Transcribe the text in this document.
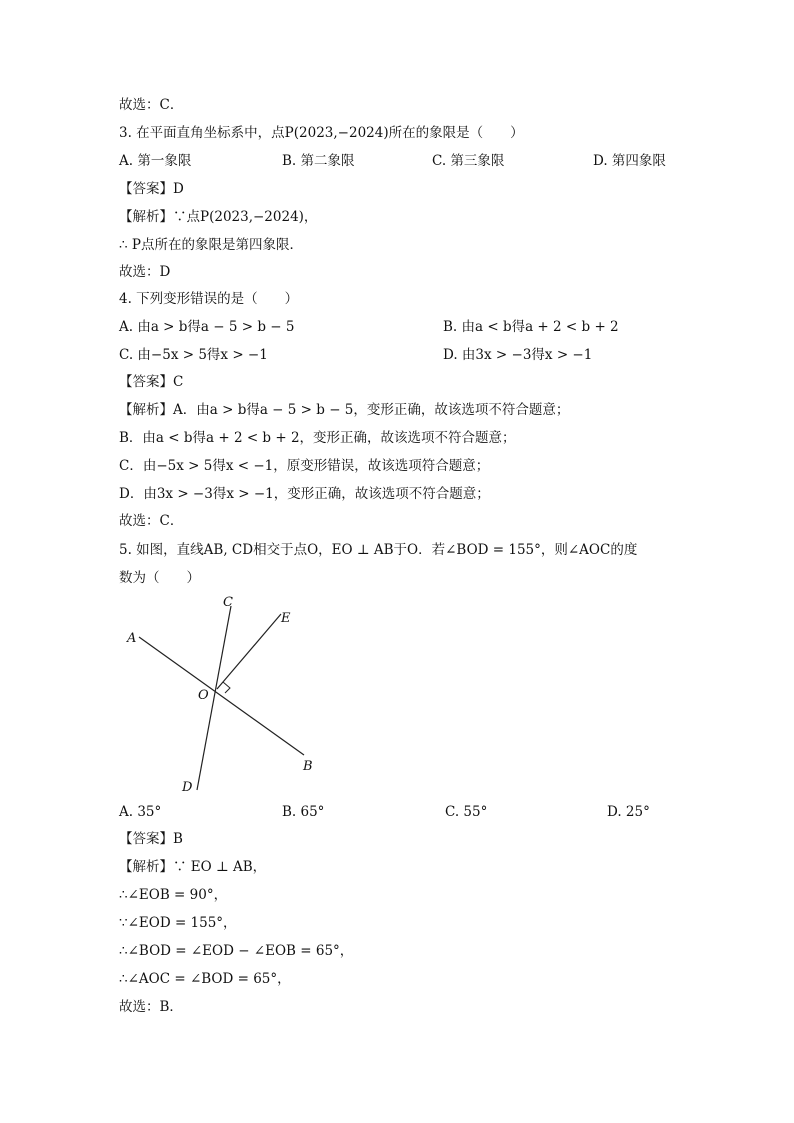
故选：C．
3. 在平面直角坐标系中，点P(2023,−2024)所在的象限是（　　）
A. 第一象限	B. 第二象限	C. 第三象限	D. 第四象限
【答案】D
【解析】∵点P(2023,−2024)，
∴ P点所在的象限是第四象限．
故选：D
4. 下列变形错误的是（　　）
A. 由a > b得a − 5 > b − 5	B. 由a < b得a + 2 < b + 2
C. 由−5x > 5得x > −1	D. 由3x > −3得x > −1
【答案】C
【解析】A．由a > b得a − 5 > b − 5，变形正确，故该选项不符合题意；
B．由a < b得a + 2 < b + 2，变形正确，故该选项不符合题意；
C．由−5x > 5得x < −1，原变形错误，故该选项符合题意；
D．由3x > −3得x > −1，变形正确，故该选项不符合题意；
故选：C．
5. 如图，直线AB, CD相交于点O，EO ⊥ AB于O．若∠BOD = 155°，则∠AOC的度
数为（　　）
A
B
C
D
E
O
A. 35°	B. 65°	C. 55°	D. 25°
【答案】B
【解析】∵ EO ⊥ AB，
∴∠EOB = 90°，
∵∠EOD = 155°，
∴∠BOD = ∠EOD − ∠EOB = 65°，
∴∠AOC = ∠BOD = 65°，
故选：B．
